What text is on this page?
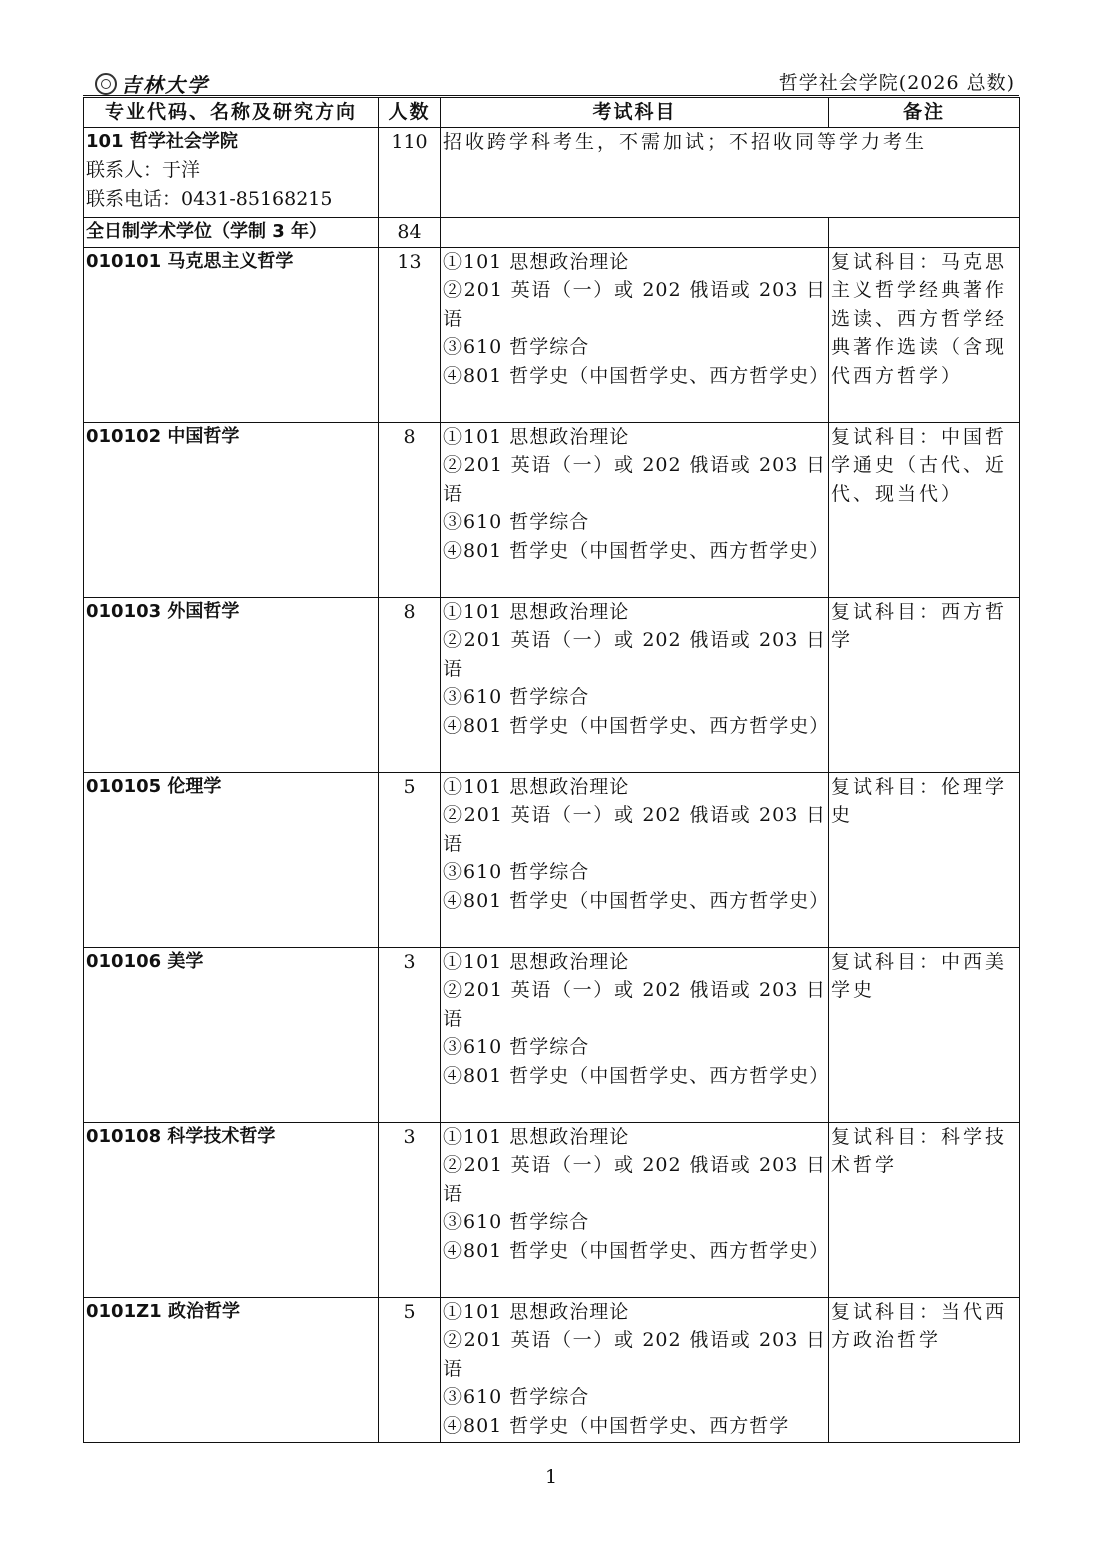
吉林大学	哲学社会学院(2026 总数)
专业代码、名称及研究方向	人数	考试科目	备注

101 哲学社会学院
联系人：于洋
联系电话：0431-85168215	110	招收跨学科考生，不需加试；不招收同等学力考生	
全日制学术学位（学制 3 年）	84		
010101 马克思主义哲学	13	①101 思想政治理论
②201 英语（一）或 202 俄语或 203 日语
③610 哲学综合
④801 哲学史（中国哲学史、西方哲学史）	复试科目：马克思主义哲学经典著作选读、西方哲学经典著作选读（含现代西方哲学）
010102 中国哲学	8	①101 思想政治理论
②201 英语（一）或 202 俄语或 203 日语
③610 哲学综合
④801 哲学史（中国哲学史、西方哲学史）	复试科目：中国哲学通史（古代、近代、现当代）
010103 外国哲学	8	①101 思想政治理论
②201 英语（一）或 202 俄语或 203 日语
③610 哲学综合
④801 哲学史（中国哲学史、西方哲学史）	复试科目：西方哲学
010105 伦理学	5	①101 思想政治理论
②201 英语（一）或 202 俄语或 203 日语
③610 哲学综合
④801 哲学史（中国哲学史、西方哲学史）	复试科目：伦理学史
010106 美学	3	①101 思想政治理论
②201 英语（一）或 202 俄语或 203 日语
③610 哲学综合
④801 哲学史（中国哲学史、西方哲学史）	复试科目：中西美学史
010108 科学技术哲学	3	①101 思想政治理论
②201 英语（一）或 202 俄语或 203 日语
③610 哲学综合
④801 哲学史（中国哲学史、西方哲学史）	复试科目：科学技术哲学
0101Z1 政治哲学	5	①101 思想政治理论
②201 英语（一）或 202 俄语或 203 日语
③610 哲学综合
④801 哲学史（中国哲学史、西方哲学	复试科目：当代西方政治哲学
1
